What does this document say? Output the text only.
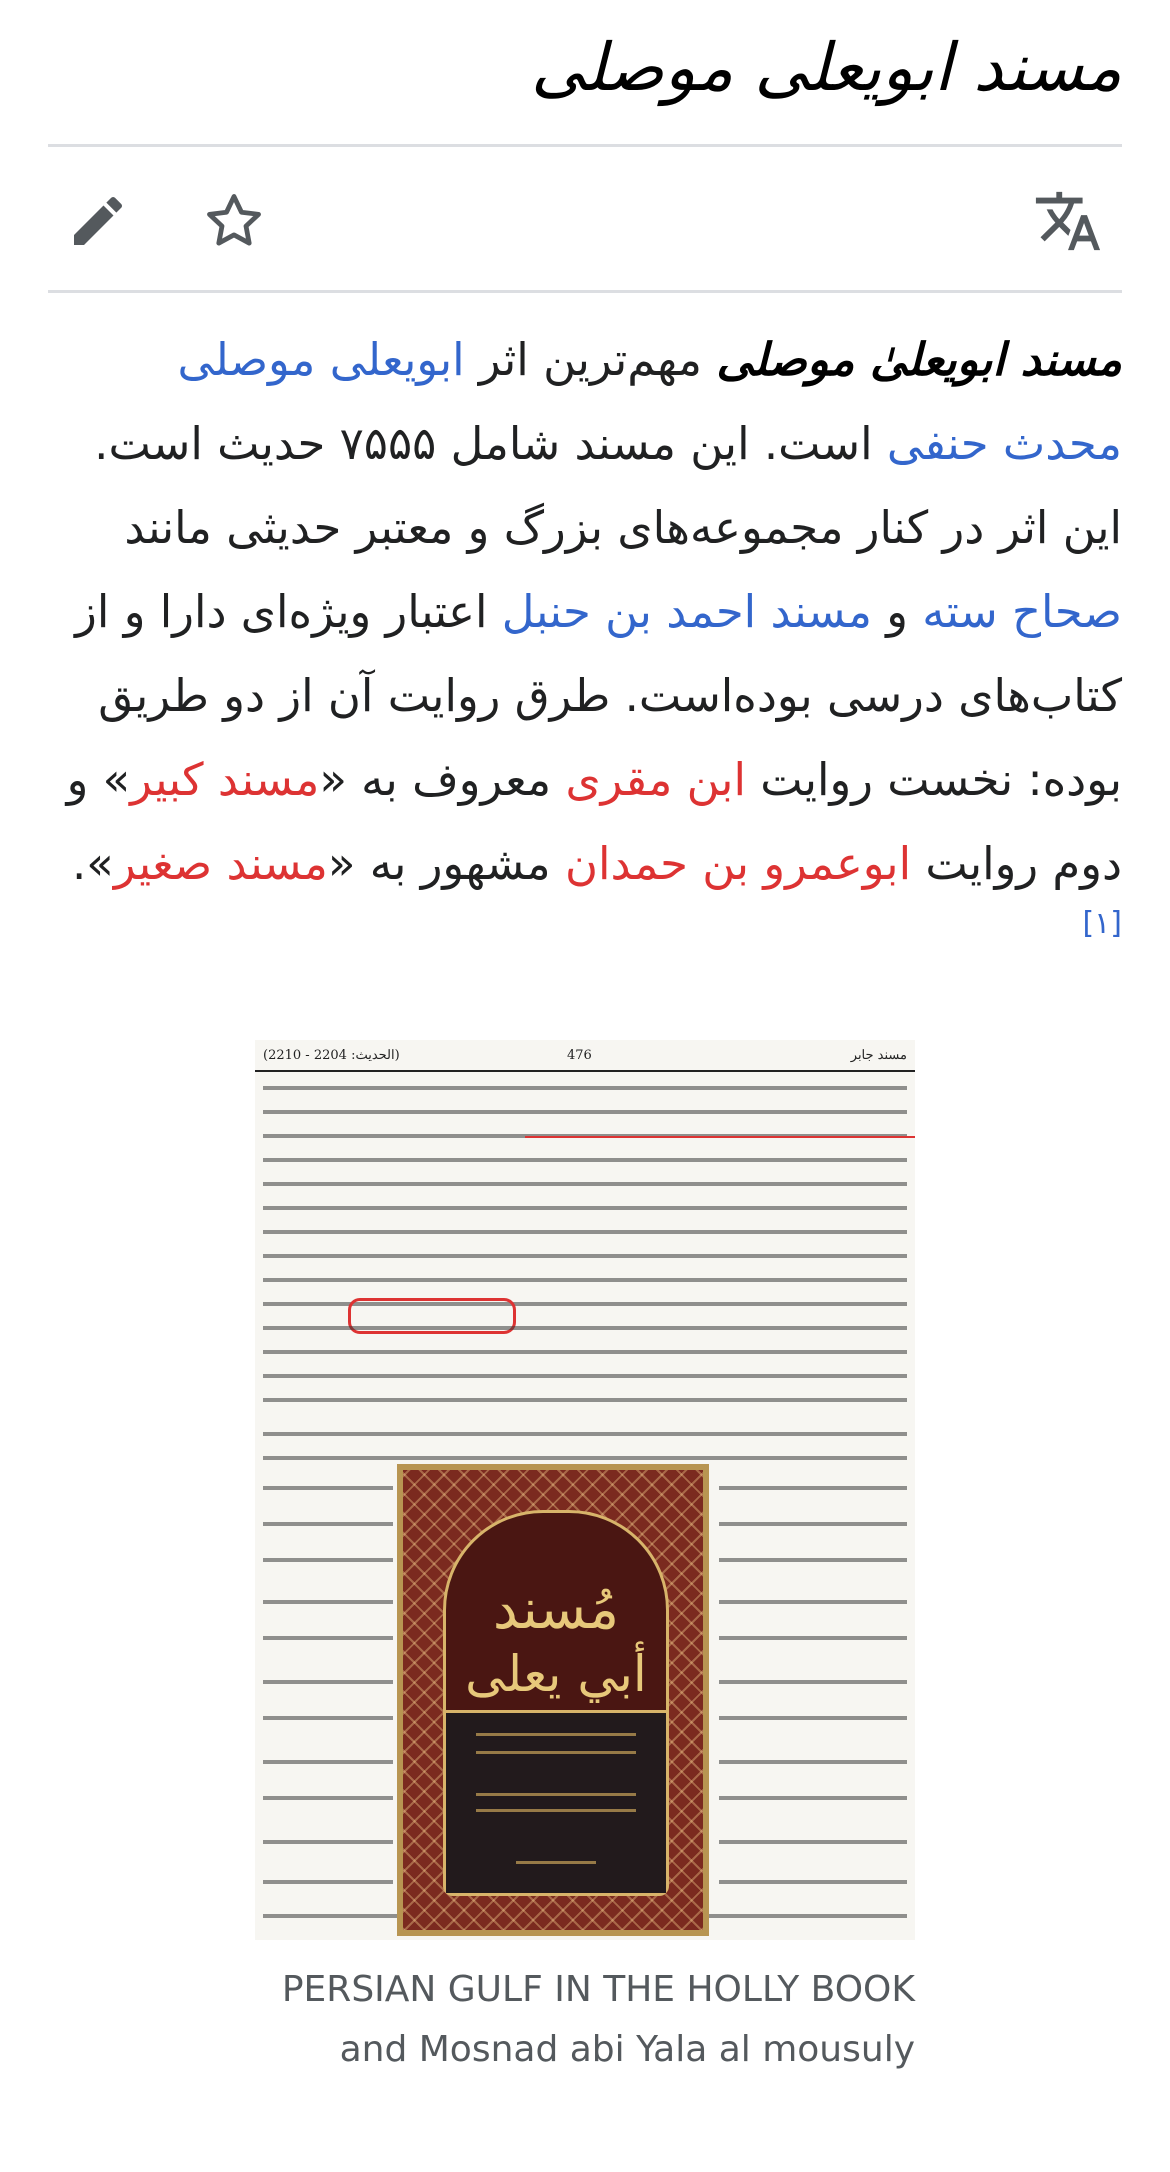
مسند ابویعلی موصلی

مسند ابویعلیٰ موصلی مهم‌ترین اثر ابویعلی موصلی محدث حنفی است. این مسند شامل ۷۵۵۵ حدیث است. این اثر در کنار مجموعه‌های بزرگ و معتبر حدیثی مانند صحاح سته و مسند احمد بن حنبل اعتبار ویژه‌ای دارا و از کتاب‌های درسی بوده‌است. طرق روایت آن از دو طریق بوده: نخست روایت ابن مقری معروف به «مسند کبیر» و دوم روایت ابوعمرو بن حمدان مشهور به «مسند صغیر».[۱]

(الحديث: 2204 - 2210)	476	مسند جابر
مُسند
أبي يعلى
PERSIAN GULF IN THE HOLLY BOOK and Mosnad abi Yala al mousuly
